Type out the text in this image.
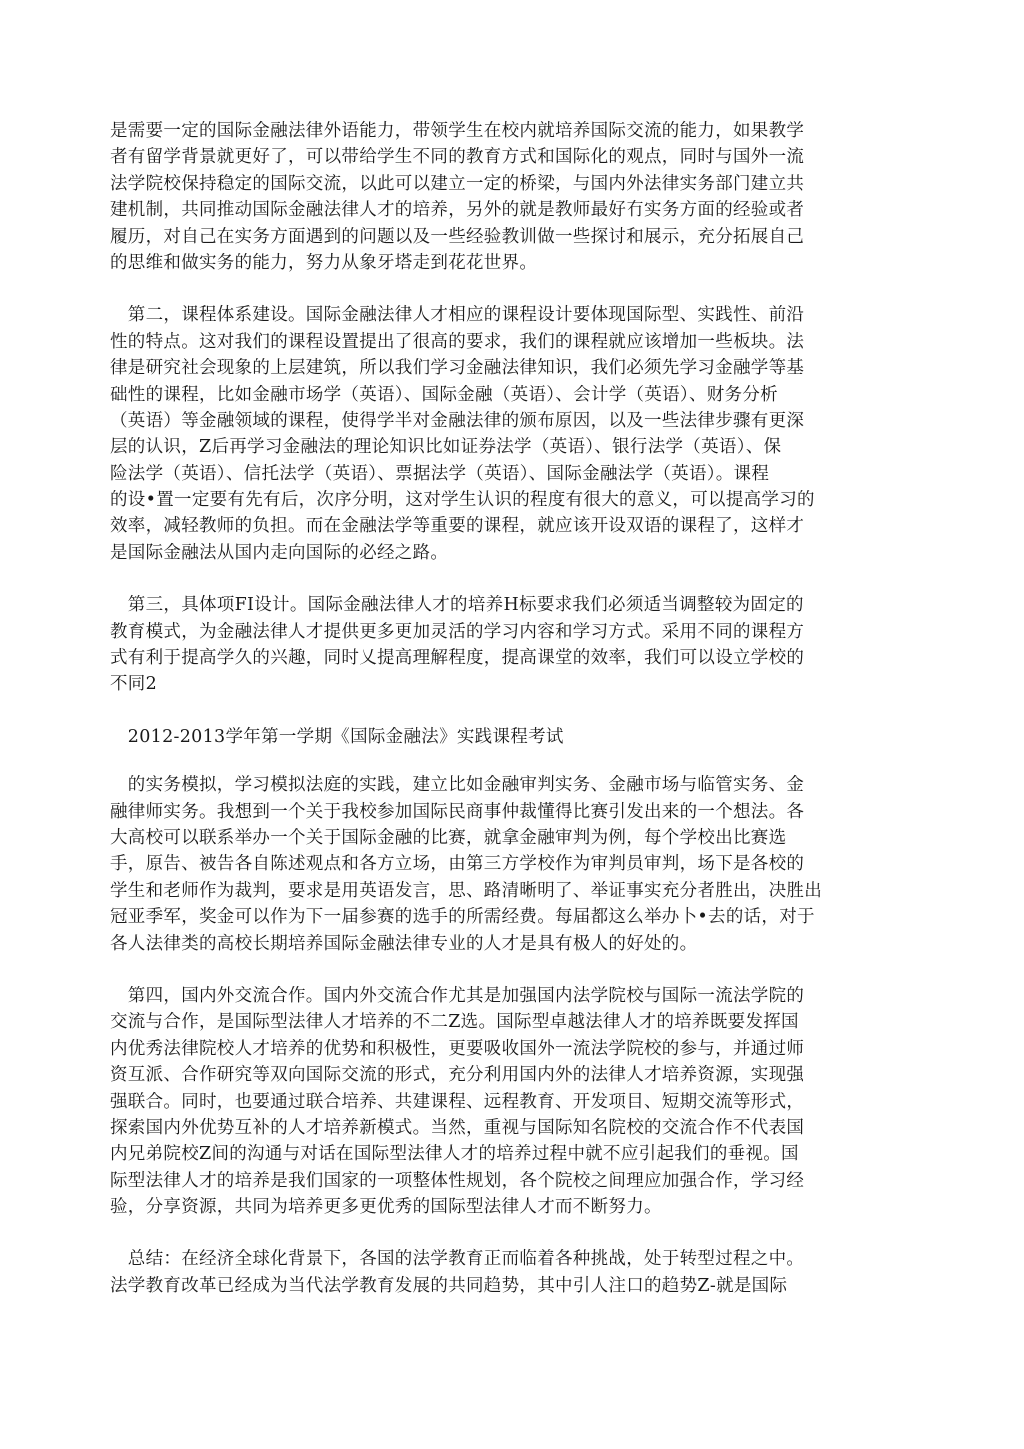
是需要一定的国际金融法律外语能力，带领学生在校内就培养国际交流的能力，如果教学
者有留学背景就更好了，可以带给学生不同的教育方式和国际化的观点，同时与国外一流
法学院校保持稳定的国际交流，以此可以建立一定的桥梁，与国内外法律实务部门建立共
建机制，共同推动国际金融法律人才的培养，另外的就是教师最好冇实务方面的经验或者
履历，对自己在实务方面遇到的问题以及一些经验教训做一些探讨和展示，充分拓展自己
的思维和做实务的能力，努力从象牙塔走到花花世界。
　第二，课程体系建设。国际金融法律人才相应的课程设计要体现国际型、实践性、前沿
性的特点。这对我们的课程设置提出了很高的要求，我们的课程就应该增加一些板块。法
律是研究社会现象的上层建筑，所以我们学习金融法律知识，我们必须先学习金融学等基
础性的课程，比如金融市场学（英语）、国际金融（英语）、会计学（英语）、财务分析
（英语）等金融领域的课程，使得学半对金融法律的颁布原因，以及一些法律步骤有更深
层的认识，Z后再学习金融法的理论知识比如证券法学（英语）、银行法学（英语）、保
险法学（英语）、信托法学（英语）、票据法学（英语）、国际金融法学（英语）。课程
的设•置一定要有先有后，次序分明，这对学生认识的程度有很大的意义，可以提高学习的
效率，减轻教师的负担。而在金融法学等重要的课程，就应该开设双语的课程了，这样才
是国际金融法从国内走向国际的必经之路。
　第三，具体项FI设计。国际金融法律人才的培养H标要求我们必须适当调整较为固定的
教育模式，为金融法律人才提供更多更加灵活的学习内容和学习方式。采用不同的课程方
式有利于提高学久的兴趣，同时乂提高理解程度，提高课堂的效率，我们可以设立学校的
不同2
　2012-2013学年第一学期《国际金融法》实践课程考试
　的实务模拟，学习模拟法庭的实践，建立比如金融审判实务、金融市场与临管实务、金
融律师实务。我想到一个关于我校参加国际民商事仲裁懂得比赛引发出来的一个想法。各
大高校可以联系举办一个关于国际金融的比赛，就拿金融审判为例，每个学校出比赛选
手，原告、被告各自陈述观点和各方立场，由第三方学校作为审判员审判，场下是各校的
学生和老师作为裁判，要求是用英语发言，思、路清晰明了、举证事实充分者胜出，决胜出
冠亚季军，奖金可以作为下一届参赛的选手的所需经费。每届都这么举办卜•去的话，对于
各人法律类的高校长期培养国际金融法律专业的人才是具有极人的好处的。
　第四，国内外交流合作。国内外交流合作尤其是加强国内法学院校与国际一流法学院的
交流与合作，是国际型法律人才培养的不二Z选。国际型卓越法律人才的培养既要发挥国
内优秀法律院校人才培养的优势和积极性，更要吸收国外一流法学院校的参与，并通过师
资互派、合作研究等双向国际交流的形式，充分利用国内外的法律人才培养资源，实现强
强联合。同时，也要通过联合培养、共建课程、远程教育、开发项目、短期交流等形式，
探索国内外优势互补的人才培养新模式。当然，重视与国际知名院校的交流合作不代表国
内兄弟院校Z间的沟通与对话在国际型法律人才的培养过程中就不应引起我们的垂视。国
际型法律人才的培养是我们国家的一项整体性规划，各个院校之间理应加强合作，学习经
验，分享资源，共同为培养更多更优秀的国际型法律人才而不断努力。
　总结：在经济全球化背景下，各国的法学教育正而临着各种挑战，处于转型过程之中。
法学教育改革已经成为当代法学教育发展的共同趋势，其中引人注口的趋势Z-就是国际
